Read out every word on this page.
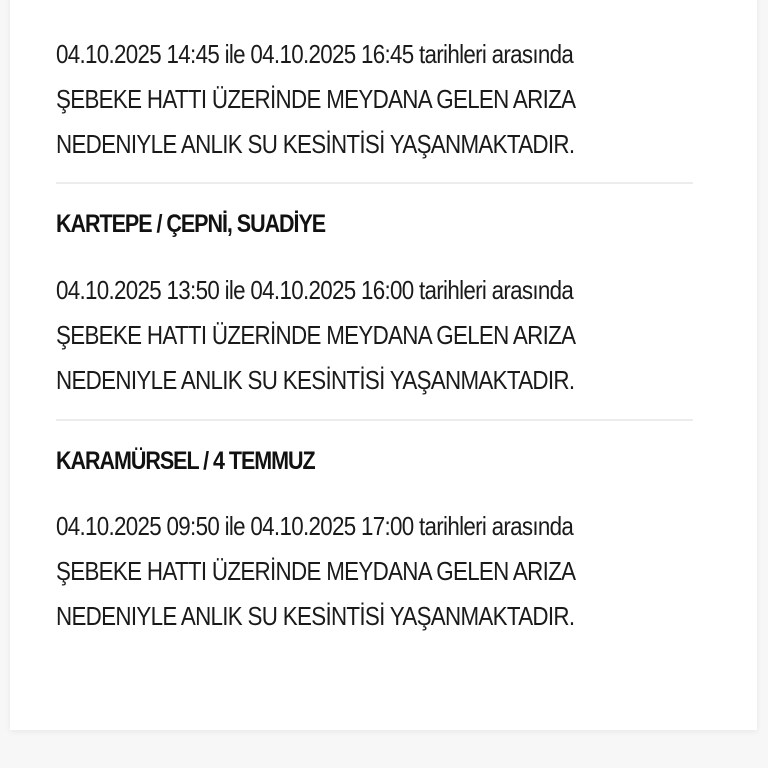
04.10.2025 14:45 ile 04.10.2025 16:45 tarihleri arasında

ŞEBEKE HATTI ÜZERİNDE MEYDANA GELEN ARIZA

NEDENIYLE ANLIK SU KESİNTİSİ YAŞANMAKTADIR.

KARTEPE / ÇEPNİ, SUADİYE

04.10.2025 13:50 ile 04.10.2025 16:00 tarihleri arasında

ŞEBEKE HATTI ÜZERİNDE MEYDANA GELEN ARIZA

NEDENIYLE ANLIK SU KESİNTİSİ YAŞANMAKTADIR.

KARAMÜRSEL / 4 TEMMUZ

04.10.2025 09:50 ile 04.10.2025 17:00 tarihleri arasında

ŞEBEKE HATTI ÜZERİNDE MEYDANA GELEN ARIZA

NEDENIYLE ANLIK SU KESİNTİSİ YAŞANMAKTADIR.
